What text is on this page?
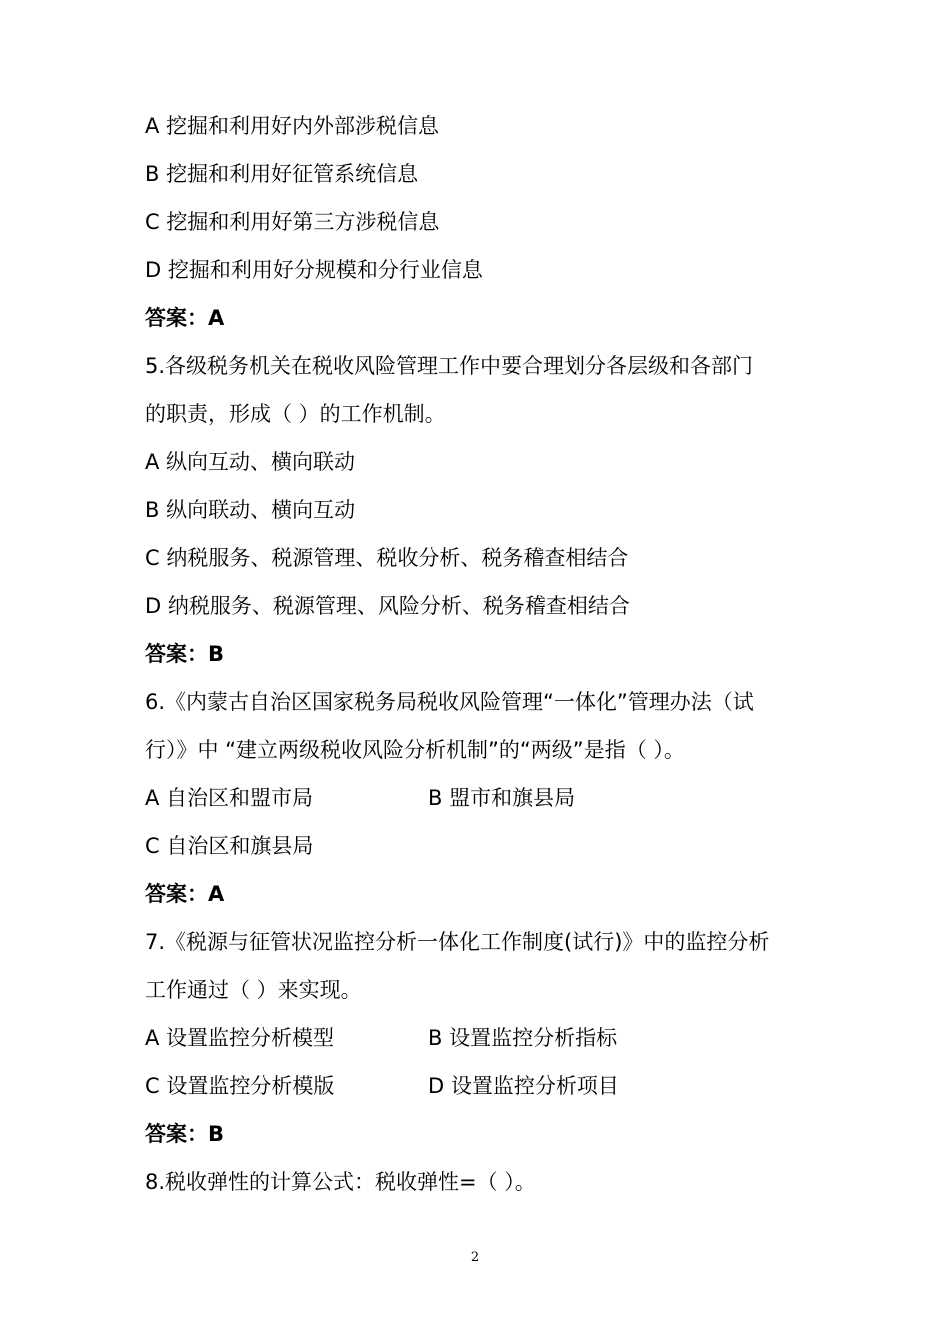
A 挖掘和利用好内外部涉税信息
B 挖掘和利用好征管系统信息
C 挖掘和利用好第三方涉税信息
D 挖掘和利用好分规模和分行业信息
答案：A
5.各级税务机关在税收风险管理工作中要合理划分各层级和各部门
的职责，形成（ ）的工作机制。
A 纵向互动、横向联动
B 纵向联动、横向互动
C 纳税服务、税源管理、税收分析、税务稽查相结合
D 纳税服务、税源管理、风险分析、税务稽查相结合
答案：B
6.《内蒙古自治区国家税务局税收风险管理“一体化”管理办法（试
行）》中 “建立两级税收风险分析机制”的“两级”是指（ ）。
A 自治区和盟市局	B 盟市和旗县局
C 自治区和旗县局
答案：A
7.《税源与征管状况监控分析一体化工作制度(试行)》中的监控分析
工作通过（ ）来实现。
A 设置监控分析模型	B 设置监控分析指标
C 设置监控分析模版	D 设置监控分析项目
答案：B
8.税收弹性的计算公式：税收弹性=（ ）。
2
